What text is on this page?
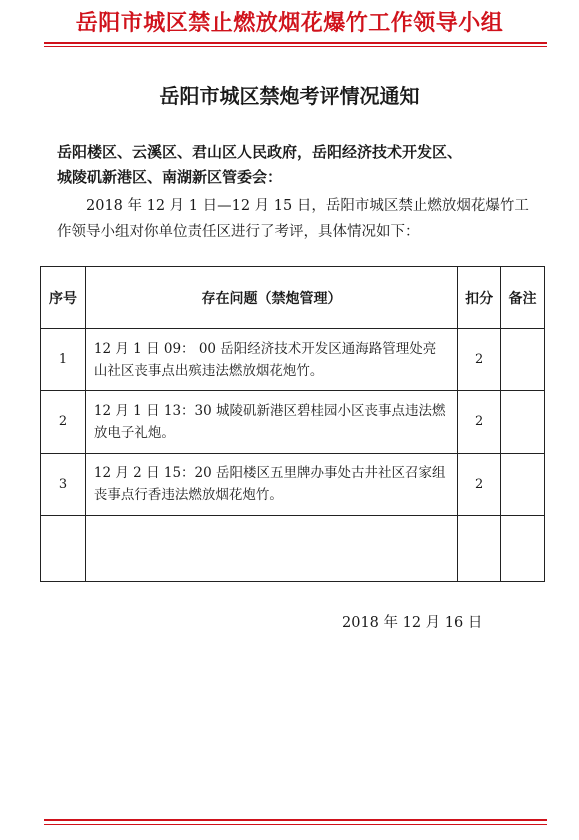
岳阳市城区禁止燃放烟花爆竹工作领导小组
岳阳市城区禁炮考评情况通知
岳阳楼区、云溪区、君山区人民政府，岳阳经济技术开发区、
城陵矶新港区、南湖新区管委会：
2018 年 12 月 1 日—12 月 15 日，岳阳市城区禁止燃放烟花爆竹工作领导小组对你单位责任区进行了考评，具体情况如下：
序号	存在问题（禁炮管理）	扣分	备注
1	12 月 1 日 09： 00 岳阳经济技术开发区通海路管理处亮山社区丧事点出殡违法燃放烟花炮竹。	2	
2	12 月 1 日 13：30 城陵矶新港区碧桂园小区丧事点违法燃放电子礼炮。	2	
3	12 月 2 日 15：20 岳阳楼区五里牌办事处古井社区召家组丧事点行香违法燃放烟花炮竹。	2	

2018 年 12 月 16 日
